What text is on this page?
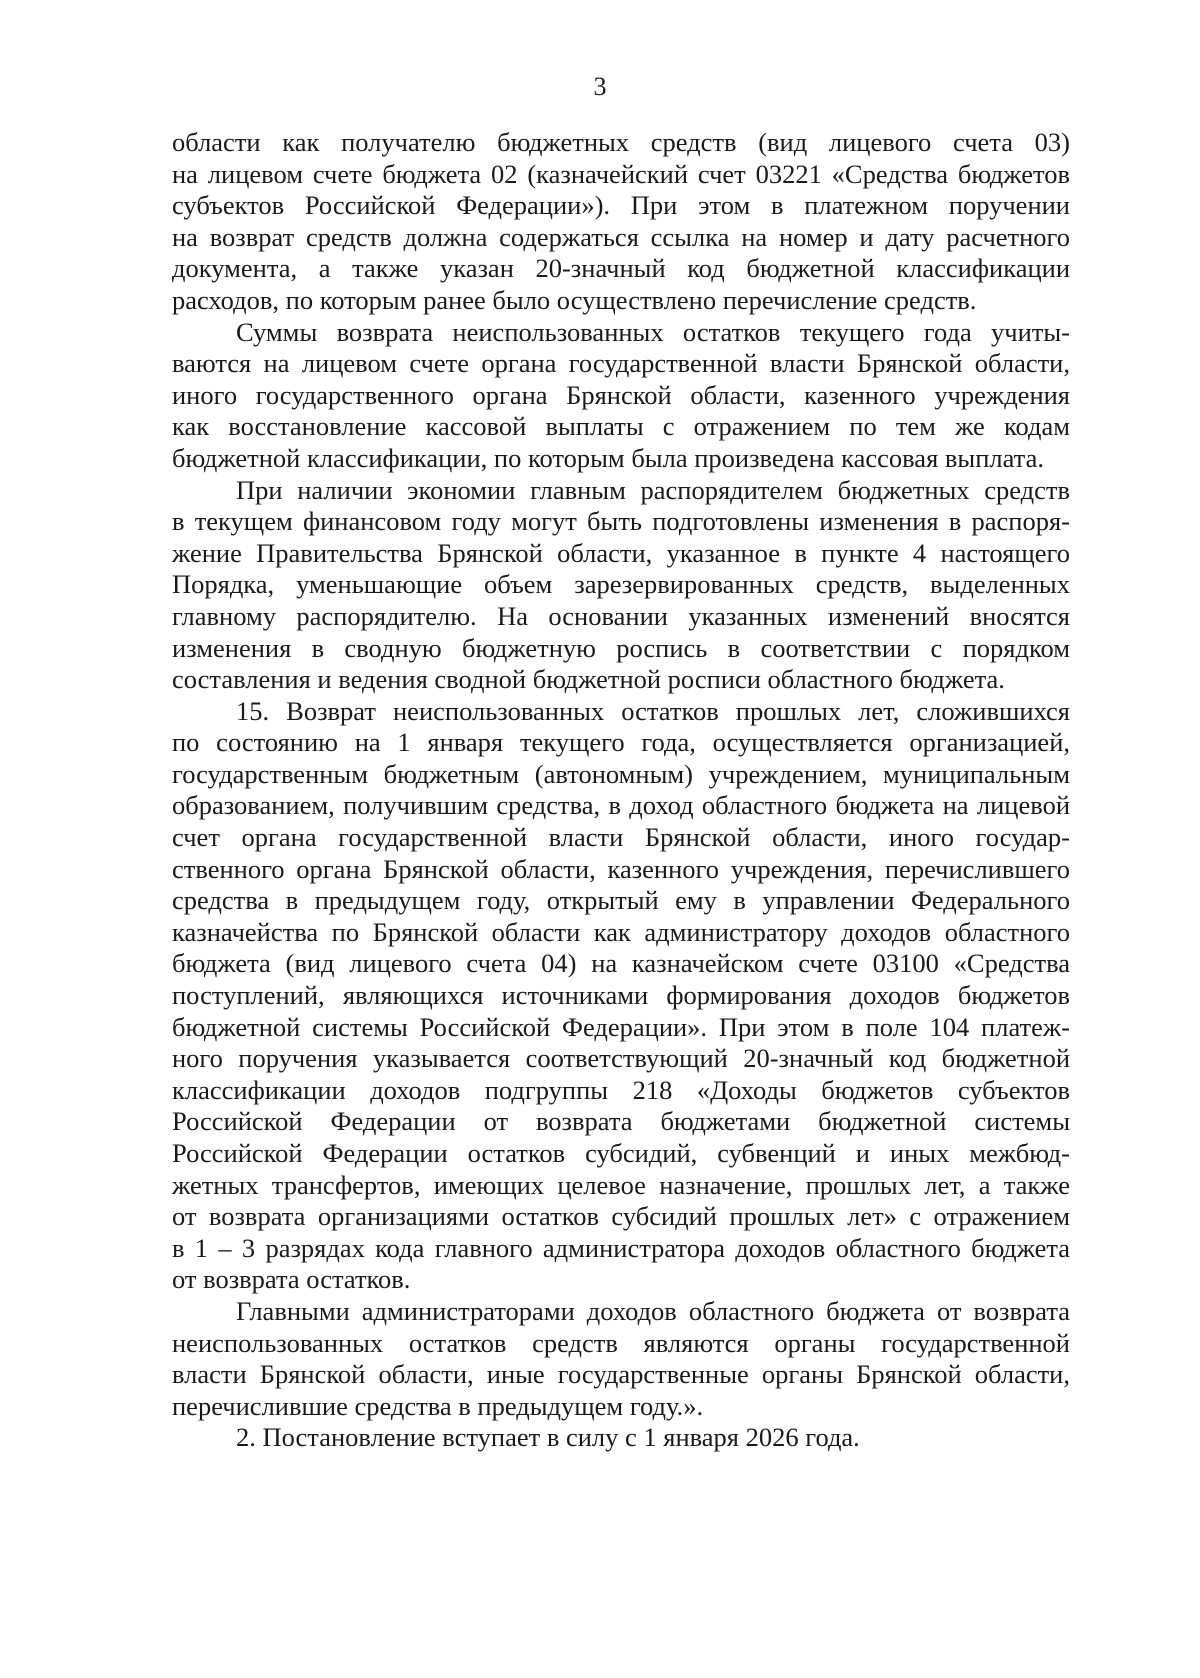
3
области как получателю бюджетных средств (вид лицевого счета 03)
на лицевом счете бюджета 02 (казначейский счет 03221 «Средства бюджетов
субъектов Российской Федерации»). При этом в платежном поручении
на возврат средств должна содержаться ссылка на номер и дату расчетного
документа, а также указан 20-значный код бюджетной классификации
расходов, по которым ранее было осуществлено перечисление средств.
Суммы возврата неиспользованных остатков текущего года учиты-
ваются на лицевом счете органа государственной власти Брянской области,
иного государственного органа Брянской области, казенного учреждения
как восстановление кассовой выплаты с отражением по тем же кодам
бюджетной классификации, по которым была произведена кассовая выплата.
При наличии экономии главным распорядителем бюджетных средств
в текущем финансовом году могут быть подготовлены изменения в распоря-
жение Правительства Брянской области, указанное в пункте 4 настоящего
Порядка, уменьшающие объем зарезервированных средств, выделенных
главному распорядителю. На основании указанных изменений вносятся
изменения в сводную бюджетную роспись в соответствии с порядком
составления и ведения сводной бюджетной росписи областного бюджета.
15. Возврат неиспользованных остатков прошлых лет, сложившихся
по состоянию на 1 января текущего года, осуществляется организацией,
государственным бюджетным (автономным) учреждением, муниципальным
образованием, получившим средства, в доход областного бюджета на лицевой
счет органа государственной власти Брянской области, иного государ-
ственного органа Брянской области, казенного учреждения, перечислившего
средства в предыдущем году, открытый ему в управлении Федерального
казначейства по Брянской области как администратору доходов областного
бюджета (вид лицевого счета 04) на казначейском счете 03100 «Средства
поступлений, являющихся источниками формирования доходов бюджетов
бюджетной системы Российской Федерации». При этом в поле 104 платеж-
ного поручения указывается соответствующий 20-значный код бюджетной
классификации доходов подгруппы 218 «Доходы бюджетов субъектов
Российской Федерации от возврата бюджетами бюджетной системы
Российской Федерации остатков субсидий, субвенций и иных межбюд-
жетных трансфертов, имеющих целевое назначение, прошлых лет, а также
от возврата организациями остатков субсидий прошлых лет» с отражением
в 1 – 3 разрядах кода главного администратора доходов областного бюджета
от возврата остатков.
Главными администраторами доходов областного бюджета от возврата
неиспользованных остатков средств являются органы государственной
власти Брянской области, иные государственные органы Брянской области,
перечислившие средства в предыдущем году.».
2. Постановление вступает в силу с 1 января 2026 года.
